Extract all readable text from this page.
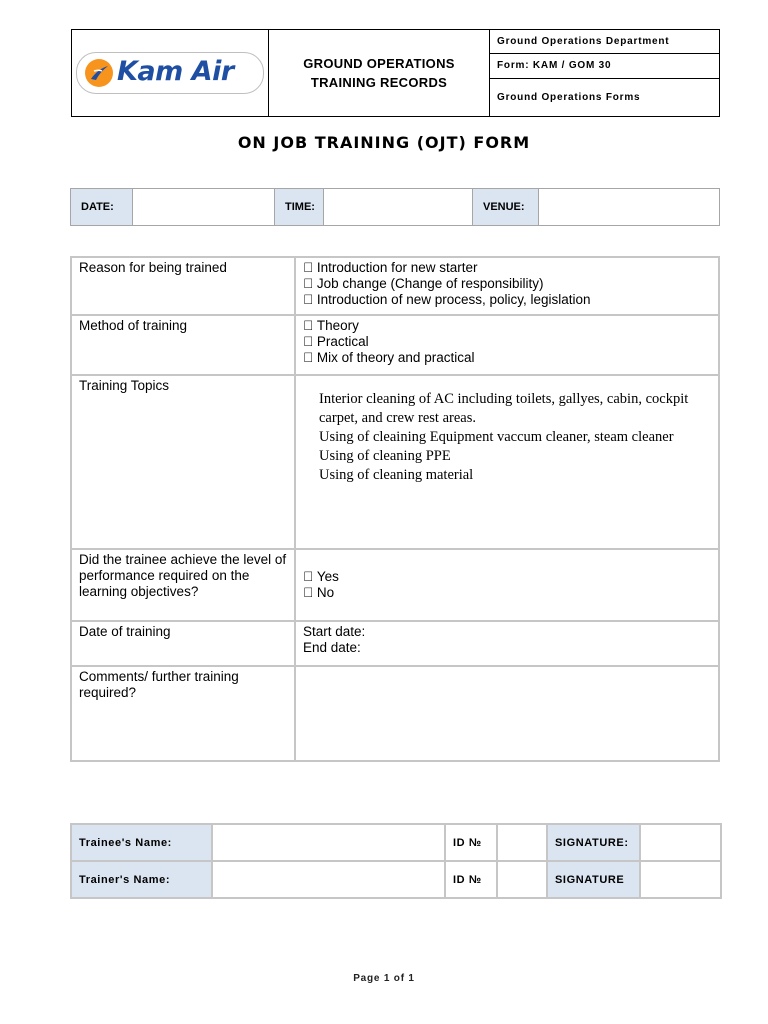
Kam Air	GROUND OPERATIONS
TRAINING RECORDS
	Ground Operations Department
Form: KAM / GOM 30
Ground Operations Forms
ON JOB TRAINING (OJT) FORM
DATE:		TIME:		VENUE:	
Reason for being trained	Introduction for new starter
Job change (Change of responsibility)
Introduction of new process, policy, legislation

Method of training	Theory
Practical
Mix of theory and practical

Training Topics	Interior cleaning of AC including toilets, gallyes, cabin, cockpit
carpet, and crew rest areas.
Using of cleaining Equipment vaccum cleaner, steam cleaner
Using of cleaning PPE
Using of cleaning material

Did the trainee achieve the level of performance required on the learning objectives?	Yes
No

Date of training	Start date:
End date:

Comments/ further training required?	
Trainee's Name:		ID №		SIGNATURE:	
Trainer's Name:		ID №		SIGNATURE	
Page 1 of 1
